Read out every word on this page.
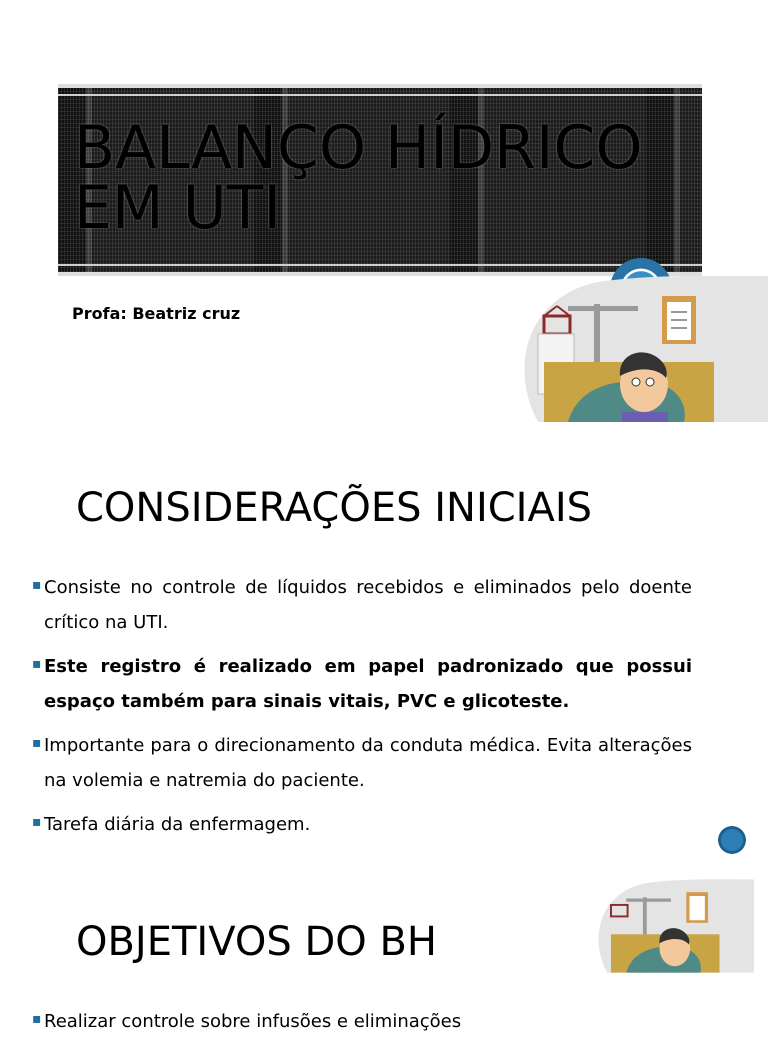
BALANÇO HÍDRICO EM UTI

Profa: Beatriz cruz

CONSIDERAÇÕES INICIAIS
▪ Consiste no controle de líquidos recebidos e eliminados pelo doente crítico na UTI.
▪ Este registro é realizado em papel padronizado que possui espaço também para sinais vitais, PVC e glicoteste.
▪ Importante para o direcionamento da conduta médica. Evita alterações na volemia e natremia do paciente.
▪ Tarefa diária da enfermagem.
OBJETIVOS DO BH
▪ Realizar controle sobre infusões e eliminações
